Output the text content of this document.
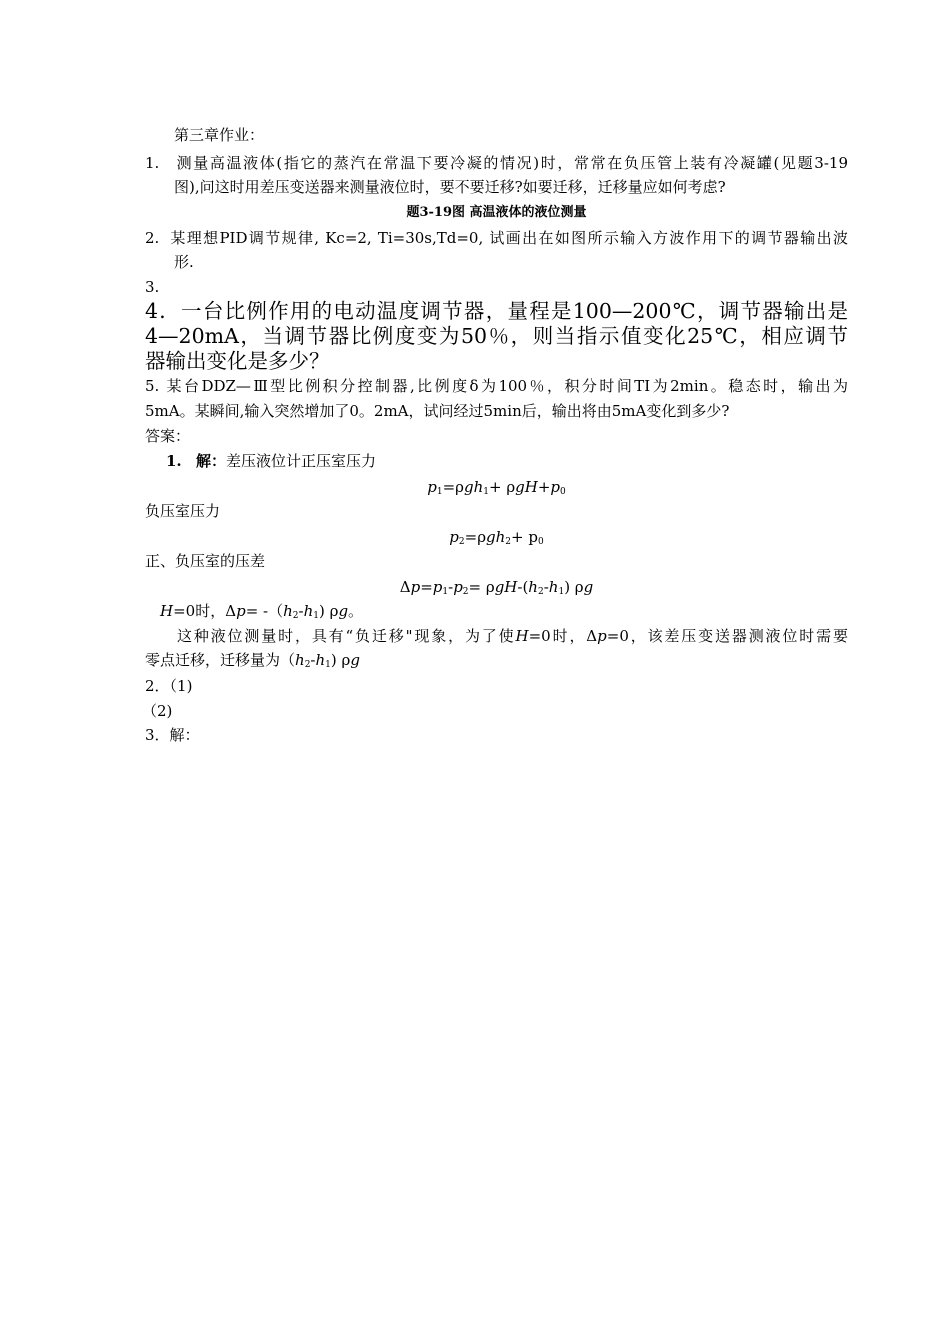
第三章作业：
1. 测量高温液体(指它的蒸汽在常温下要冷凝的情况)时，常常在负压管上装有冷凝罐(见题3-19
图),问这时用差压变送器来测量液位时，要不要迁移?如要迁移，迁移量应如何考虑?
题3-19图 高温液体的液位测量
2. 某理想PID调节规律, Kc=2, Ti=30s,Td=0, 试画出在如图所示输入方波作用下的调节器输出波
形.
3.
4．一台比例作用的电动温度调节器，量程是100—200℃，调节器输出是
4—20mA，当调节器比例度变为50％，则当指示值变化25℃，相应调节
器输出变化是多少？
5. 某台DDZ—Ⅲ型比例积分控制器,比例度δ为100％，积分时间TI为2min。稳态时，输出为
5mA。某瞬间,输入突然增加了0。2mA，试问经过5min后，输出将由5mA变化到多少?
答案：
1. 解：差压液位计正压室压力
$p_1=\rho gh_1+ \rho gH+p_0$
负压室压力
$p_2=\rho gh_2+ p_0$
正、负压室的压差
$\Delta p=p_1-p_2= \rho gH-(h_2-h_1)$ ρg
H=0时，$\Delta p= -(h_2-h_1)$ ρg。
这种液位测量时，具有“负迁移"现象，为了使H=0时，Δp=0，该差压变送器测液位时需要
零点迁移，迁移量为$(h_2-h_1)$ ρg
2．（1)
（2)
3．解：
